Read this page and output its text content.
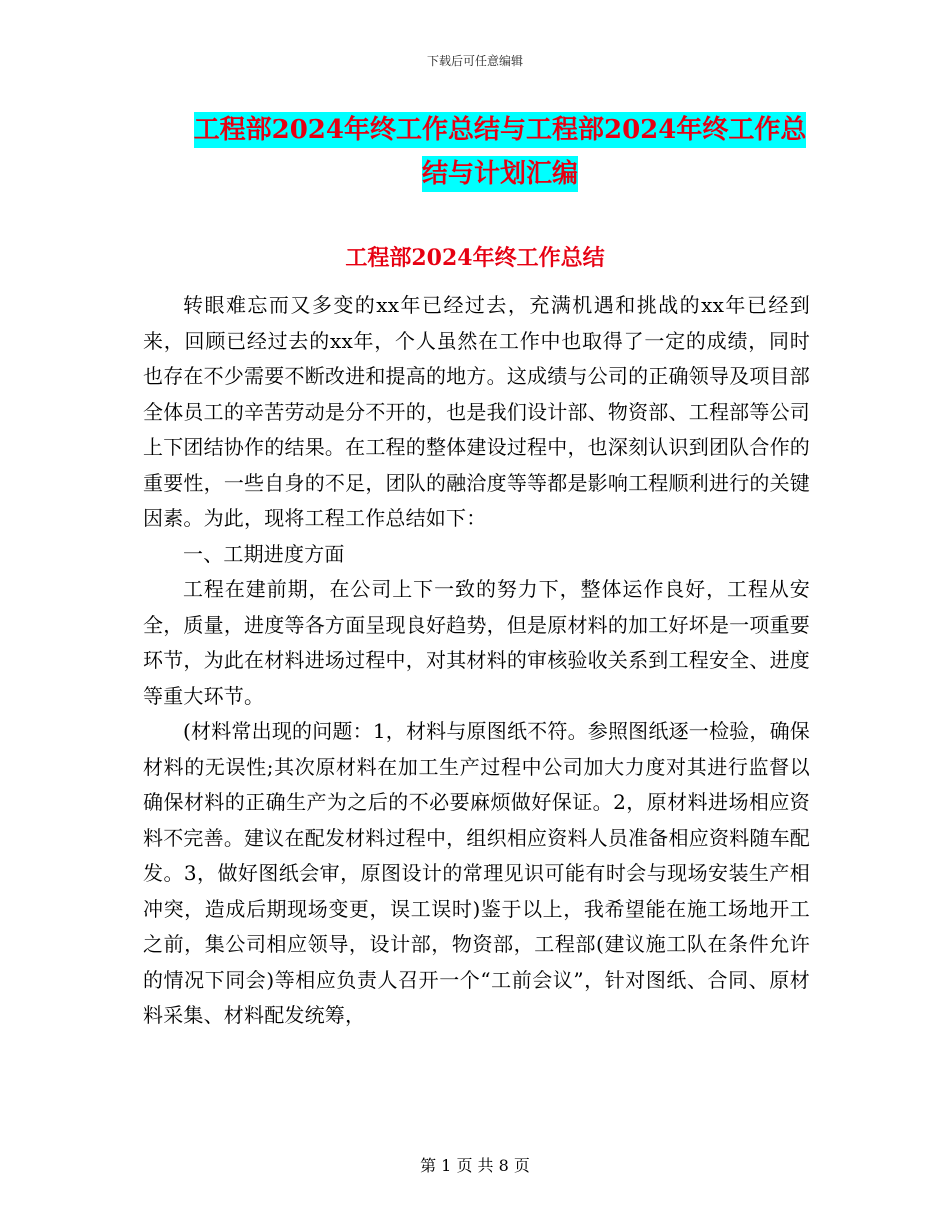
下载后可任意编辑
工程部2024年终工作总结与工程部2024年终工作总
结与计划汇编
工程部2024年终工作总结

转眼难忘而又多变的xx年已经过去，充满机遇和挑战的xx年已经到来，回顾已经过去的xx年，个人虽然在工作中也取得了一定的成绩，同时也存在不少需要不断改进和提高的地方。这成绩与公司的正确领导及项目部全体员工的辛苦劳动是分不开的，也是我们设计部、物资部、工程部等公司上下团结协作的结果。在工程的整体建设过程中，也深刻认识到团队合作的重要性，一些自身的不足，团队的融洽度等等都是影响工程顺利进行的关键因素。为此，现将工程工作总结如下：

一、工期进度方面

工程在建前期，在公司上下一致的努力下，整体运作良好，工程从安全，质量，进度等各方面呈现良好趋势，但是原材料的加工好坏是一项重要环节，为此在材料进场过程中，对其材料的审核验收关系到工程安全、进度等重大环节。

(材料常出现的问题：1，材料与原图纸不符。参照图纸逐一检验，确保材料的无误性;其次原材料在加工生产过程中公司加大力度对其进行监督以确保材料的正确生产为之后的不必要麻烦做好保证。2，原材料进场相应资料不完善。建议在配发材料过程中，组织相应资料人员准备相应资料随车配发。3，做好图纸会审，原图设计的常理见识可能有时会与现场安装生产相冲突，造成后期现场变更，误工误时)鉴于以上，我希望能在施工场地开工之前，集公司相应领导，设计部，物资部，工程部(建议施工队在条件允许的情况下同会)等相应负责人召开一个“工前会议”，针对图纸、合同、原材料采集、材料配发统筹，

第 1 页 共 8 页
